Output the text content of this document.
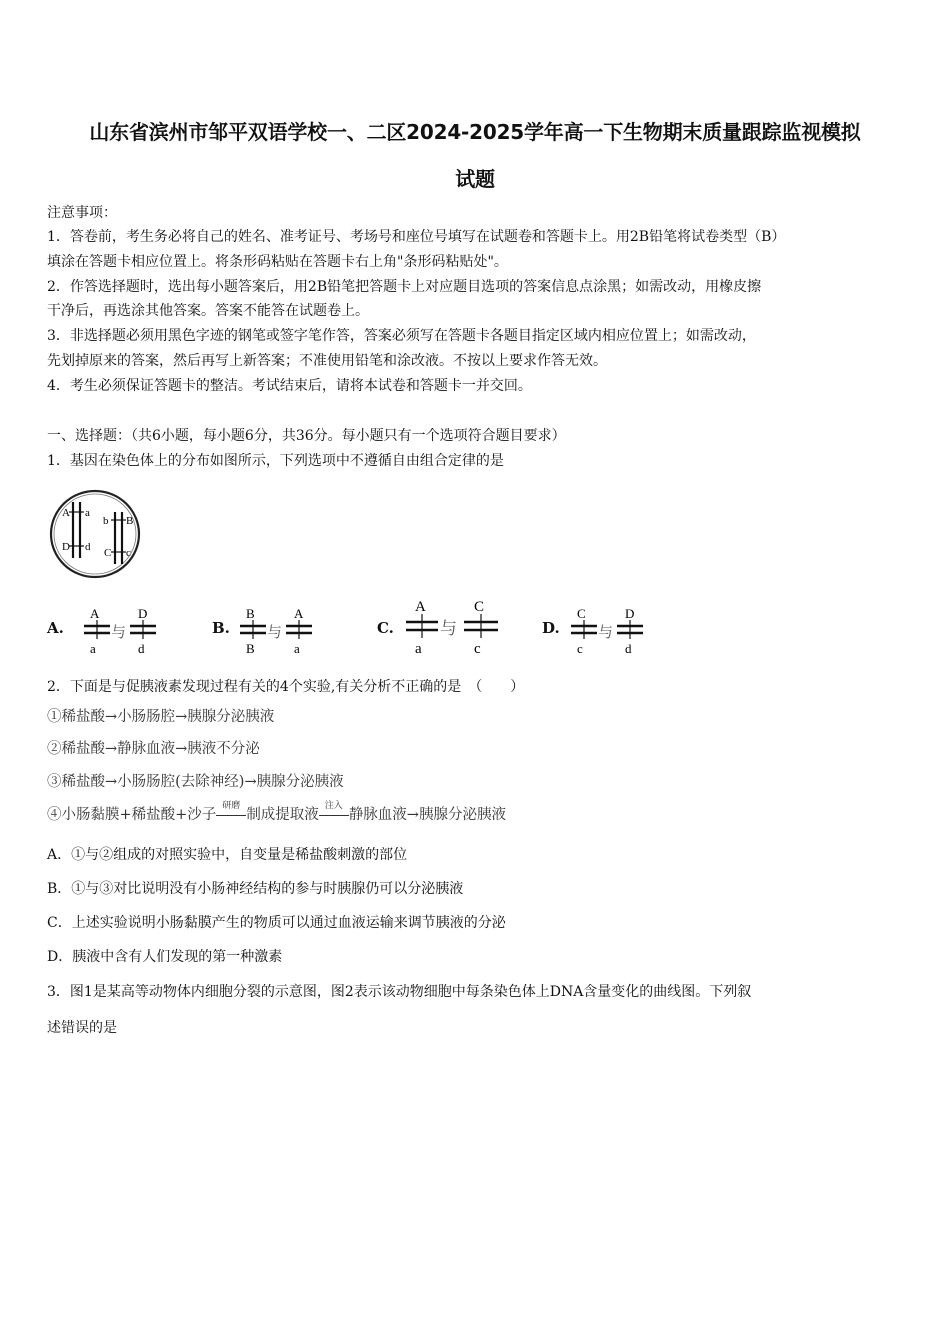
山东省滨州市邹平双语学校一、二区2024-2025学年高一下生物期末质量跟踪监视模拟
试题
注意事项：
1．答卷前，考生务必将自己的姓名、准考证号、考场号和座位号填写在试题卷和答题卡上。用2B铅笔将试卷类型（B）
填涂在答题卡相应位置上。将条形码粘贴在答题卡右上角"条形码粘贴处"。
2．作答选择题时，选出每小题答案后，用2B铅笔把答题卡上对应题目选项的答案信息点涂黑；如需改动，用橡皮擦
干净后，再选涂其他答案。答案不能答在试题卷上。
3．非选择题必须用黑色字迹的钢笔或签字笔作答，答案必须写在答题卡各题目指定区域内相应位置上；如需改动，
先划掉原来的答案，然后再写上新答案；不准使用铅笔和涂改液。不按以上要求作答无效。
4．考生必须保证答题卡的整洁。考试结束后，请将本试卷和答题卡一并交回。
一、选择题：（共6小题，每小题6分，共36分。每小题只有一个选项符合题目要求）
1．基因在染色体上的分布如图所示，下列选项中不遵循自由组合定律的是
A a
D d
B
b
C c
A.
A
a
与
D
d
B.
B
B
与
A
a
C.
A
a
与
C
c
D.
C
c
与
D
d
2．下面是与促胰液素发现过程有关的4个实验,有关分析不正确的是　（　　）
①稀盐酸→小肠肠腔→胰腺分泌胰液
②稀盐酸→静脉血液→胰液不分泌
③稀盐酸→小肠肠腔(去除神经)→胰腺分泌胰液
④小肠黏膜+稀盐酸+沙子
研磨
制成提取液
注入
静脉血液→胰腺分泌胰液
A．①与②组成的对照实验中，自变量是稀盐酸刺激的部位
B．①与③对比说明没有小肠神经结构的参与时胰腺仍可以分泌胰液
C．上述实验说明小肠黏膜产生的物质可以通过血液运输来调节胰液的分泌
D．胰液中含有人们发现的第一种激素
3．图1是某高等动物体内细胞分裂的示意图，图2表示该动物细胞中每条染色体上DNA含量变化的曲线图。下列叙
述错误的是
